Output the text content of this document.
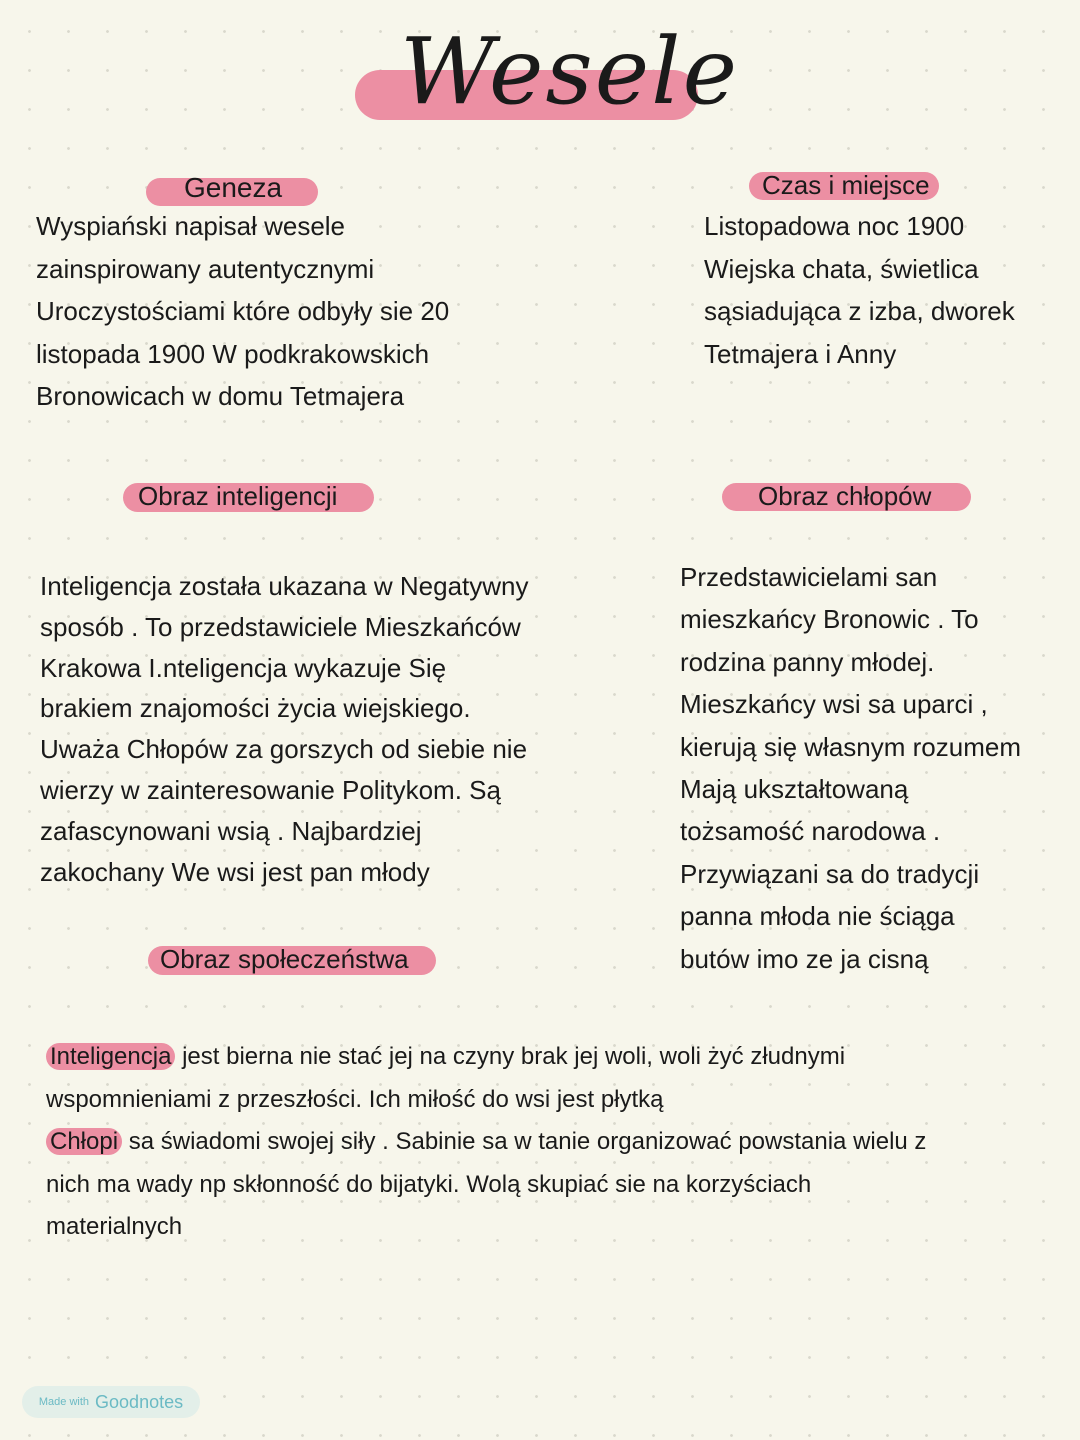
Wesele
Geneza
Wyspiański napisał wesele
zainspirowany autentycznymi
Uroczystościami które odbyły sie 20
listopada 1900 W podkrakowskich
Bronowicach w domu Tetmajera
Czas i miejsce
Listopadowa noc 1900
Wiejska chata, świetlica
sąsiadująca z izba, dworek
Tetmajera i Anny
Obraz inteligencji
Inteligencja została ukazana w Negatywny
sposób . To przedstawiciele Mieszkańców
Krakowa I.nteligencja wykazuje Się
brakiem znajomości życia wiejskiego.
Uważa Chłopów za gorszych od siebie nie
wierzy w zainteresowanie Politykom. Są
zafascynowani wsią . Najbardziej
zakochany We wsi jest pan młody
Obraz chłopów
Przedstawicielami san
mieszkańcy Bronowic . To
rodzina panny młodej.
Mieszkańcy wsi sa uparci ,
kierują się własnym rozumem
Mają ukształtowaną
tożsamość narodowa .
Przywiązani sa do tradycji
panna młoda nie ściąga
butów imo ze ja cisną
Obraz społeczeństwa
Inteligencja jest bierna nie stać jej na czyny brak jej woli, woli żyć złudnymi
wspomnieniami z przeszłości. Ich miłość do wsi jest płytką
Chłopi sa świadomi swojej siły . Sabinie sa w tanie organizować powstania wielu z
nich ma wady np skłonność do bijatyki. Wolą skupiać sie na korzyściach
materialnych
Made with Goodnotes
